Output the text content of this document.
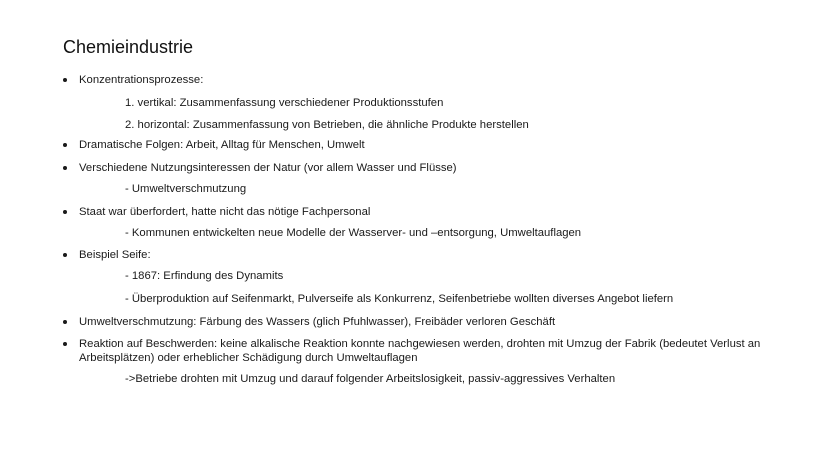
Chemieindustrie
Konzentrationsprozesse:
1. vertikal: Zusammenfassung verschiedener Produktionsstufen
2. horizontal: Zusammenfassung von Betrieben, die ähnliche Produkte herstellen
Dramatische Folgen: Arbeit, Alltag für Menschen, Umwelt
Verschiedene Nutzungsinteressen der Natur (vor allem Wasser und Flüsse)
- Umweltverschmutzung
Staat war überfordert, hatte nicht das nötige Fachpersonal
- Kommunen entwickelten neue Modelle der Wasserver- und –entsorgung, Umweltauflagen
Beispiel Seife:
- 1867: Erfindung des Dynamits
- Überproduktion auf Seifenmarkt, Pulverseife als Konkurrenz, Seifenbetriebe wollten diverses Angebot liefern
Umweltverschmutzung: Färbung des Wassers (glich Pfuhlwasser), Freibäder verloren Geschäft
Reaktion auf Beschwerden: keine alkalische Reaktion konnte nachgewiesen werden, drohten mit Umzug der Fabrik (bedeutet Verlust an Arbeitsplätzen) oder erheblicher Schädigung durch Umweltauflagen
->Betriebe drohten mit Umzug und darauf folgender Arbeitslosigkeit, passiv-aggressives Verhalten
